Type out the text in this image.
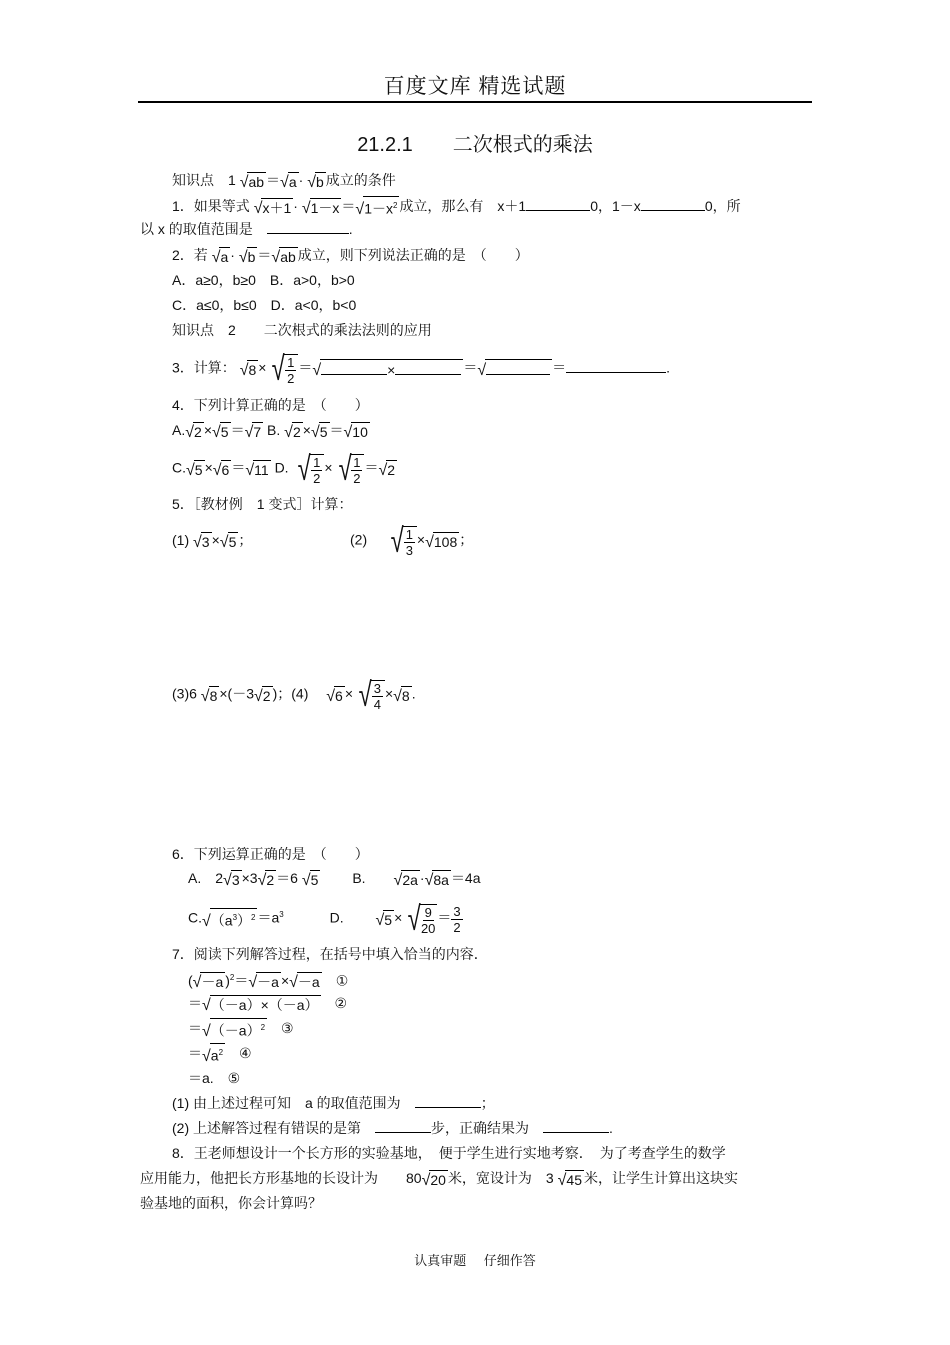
百度文库 精选试题
21.2.1　　二次根式的乘法
知识点　1 √ ab ＝ √ a · √ b 成立的条件
1．如果等式 √ x＋1 · √ 1－x ＝ √ $1-x^2$ 成立，那么有　x＋1	0，1－x	0，所
以 x 的取值范围是　	.
2．若 √ a · √ b ＝ √ ab 成立，则下列说法正确的是　（　　）
A．a≥0，b≥0　 B．a>0，b>0
C．a≤0，b≤0　 D．a<0，b<0
知识点　2　　二次根式的乘法法则的应用
3．计算： √ 8 × √ $\frac{1}{2}$ ＝ √	×	＝ √	＝	.
4．下列计算正确的是　（　　）
A. √ 2 × √ 5 ＝ √ 7 B. √ 2 × √ 5 ＝ √ 10
C. √ 5 × √ 6 ＝ √ 11 D. √ $\frac{1}{2}$ × √ $\frac{1}{2}$ ＝ √ 2
5．［教材例　1 变式］计算：
(1) √ 3 × √ 5 ；	(2)　 √ $\frac{1}{3}$ × √ 108 ；
(3)6 √ 8 ×(－3 √ 2 )；(4)　 √ 6 × √ $\frac{3}{4}$ × √ 8 .
6．下列运算正确的是　（　　）
A.　2 √ 3 ×3 √ 2 ＝6 √ 5
　　 B.　　 √ 2a · √ 8a ＝4a
C. √ $(a^3)^2 =a^3$　　　	D.　　 √ 5 × √ $\frac{9}{20} = \frac{3}{2}$
7．阅读下列解答过程，在括号中填入恰当的内容．
( √ －a )$^2$＝ √ －a × √ －a
　 ①
＝ √ （－a）×（－a）
　 ②
＝ √ $(-a)^2$
　 ③
＝ √ $a^2$
　 ④
＝a.　⑤
(1) 由上述过程可知　a 的取值范围为　	；
(2) 上述解答过程有错误的是第　	步，正确结果为　	.
8．王老师想设计一个长方形的实验基地，　便于学生进行实地考察．　为了考查学生的数学
应用能力，他把长方形基地的长设计为　　80 √ 20 米，宽设计为　3 √ 45 米，让学生计算出这块实
验基地的面积，你会计算吗？
认真审题 仔细作答
